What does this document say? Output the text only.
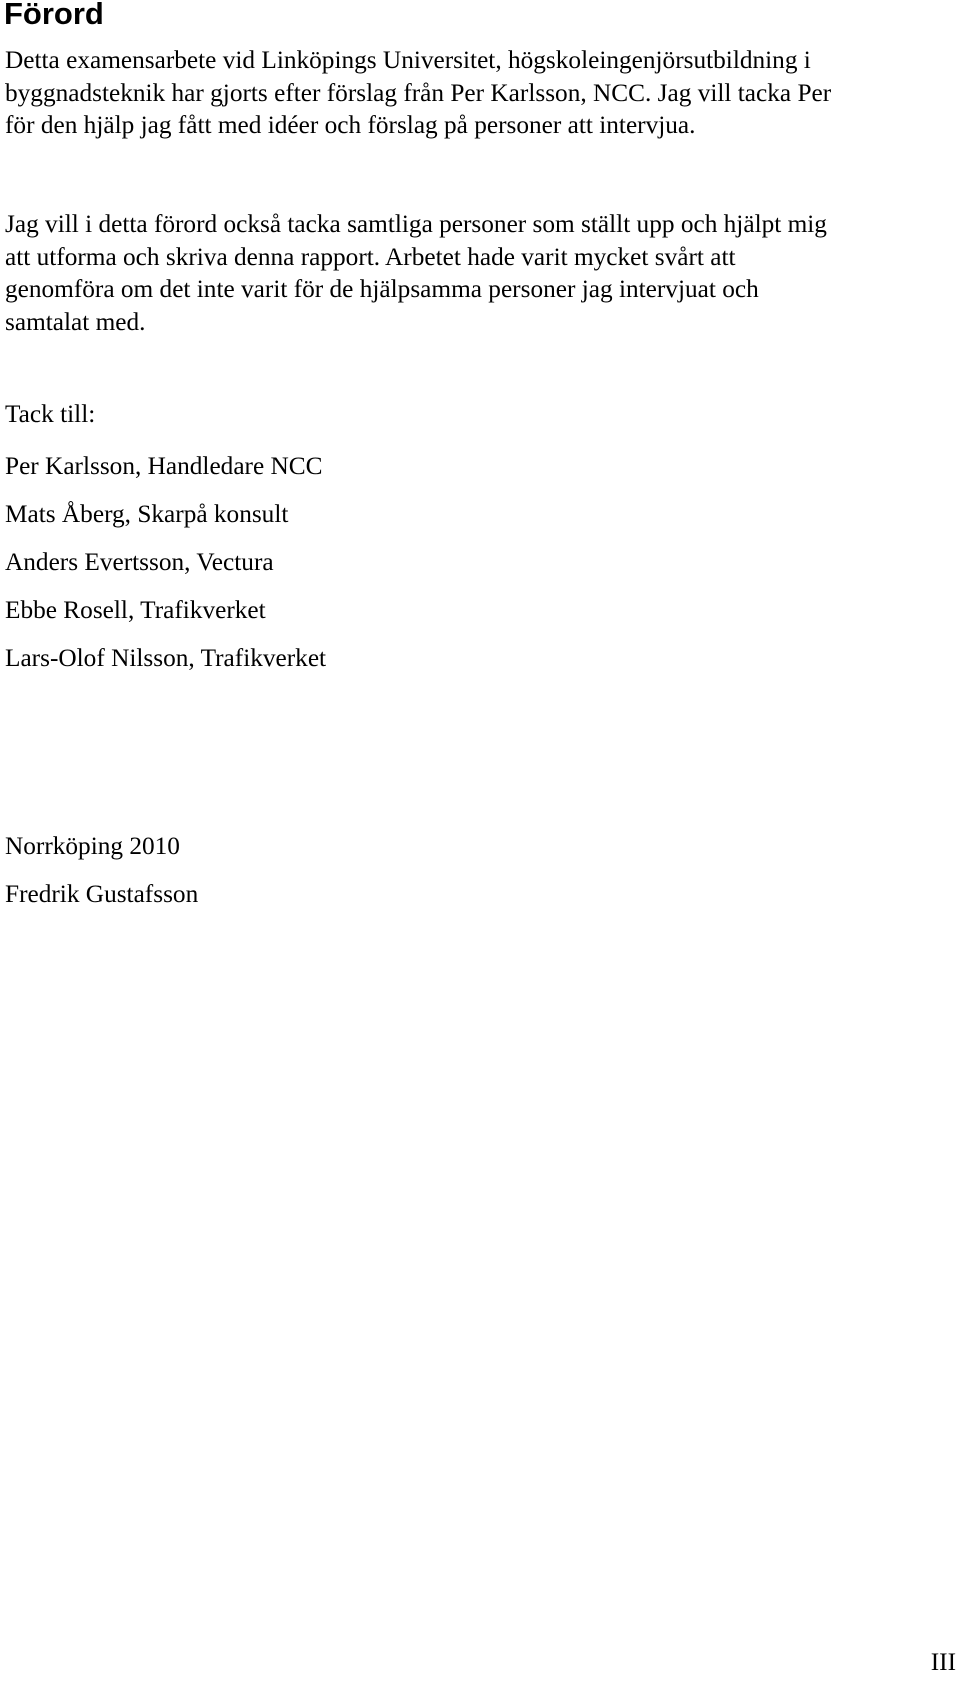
Förord

Detta examensarbete vid Linköpings Universitet, högskoleingenjörsutbildning i
byggnadsteknik har gjorts efter förslag från Per Karlsson, NCC. Jag vill tacka Per
för den hjälp jag fått med idéer och förslag på personer att intervjua.

Jag vill i detta förord också tacka samtliga personer som ställt upp och hjälpt mig
att utforma och skriva denna rapport. Arbetet hade varit mycket svårt att
genomföra om det inte varit för de hjälpsamma personer jag intervjuat och
samtalat med.

Tack till:

Per Karlsson, Handledare NCC

Mats Åberg, Skarpå konsult

Anders Evertsson, Vectura

Ebbe Rosell, Trafikverket

Lars-Olof Nilsson, Trafikverket

Norrköping 2010

Fredrik Gustafsson

III
